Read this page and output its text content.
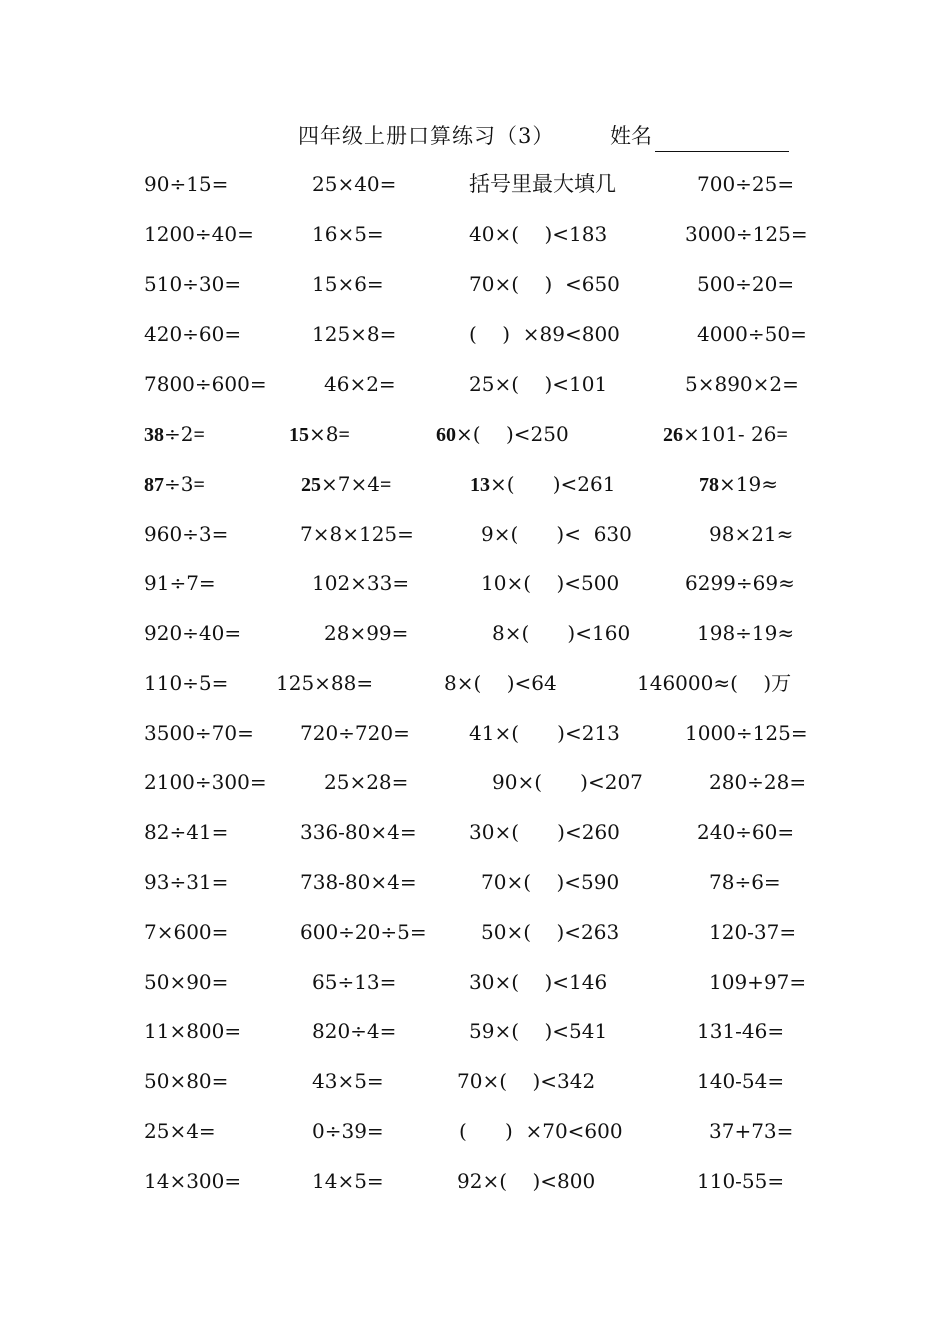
四年级上册口算练习（3）	姓名
90÷15=	25×40=	括号里最大填几	700÷25=
1200÷40=	16×5=	40×(    )<183	3000÷125=
510÷30=	15×6=	70×(    )  <650	500÷20=
420÷60=	125×8=	(    )  ×89<800	4000÷50=
7800÷600=	46×2=	25×(    )<101	5×890×2=
38÷2=	15×8=	60×(    )<250	26×101- 26=
87÷3=	25×7×4=	13×(      )<261	78×19≈
960÷3=	7×8×125=	9×(      )<  630	98×21≈
91÷7=	102×33=	10×(    )<500	6299÷69≈
920÷40=	28×99=	8×(      )<160	198÷19≈
110÷5= 125×88=	8×(    )<64	146000≈(    )万
3500÷70= 720÷720=	41×(      )<213	1000÷125=
2100÷300=	25×28=	90×(      )<207	280÷28=
82÷41=	336-80×4=	30×(      )<260	240÷60=
93÷31=	738-80×4=	70×(    )<590	78÷6=
7×600=	600÷20÷5=	50×(    )<263	120-37=
50×90=	65÷13=	30×(    )<146	109+97=
11×800=	820÷4=	59×(    )<541	131-46=
50×80=	43×5=	70×(    )<342	140-54=
25×4=	0÷39=	(      )  ×70<600	37+73=
14×300=	14×5=	92×(    )<800	110-55=
